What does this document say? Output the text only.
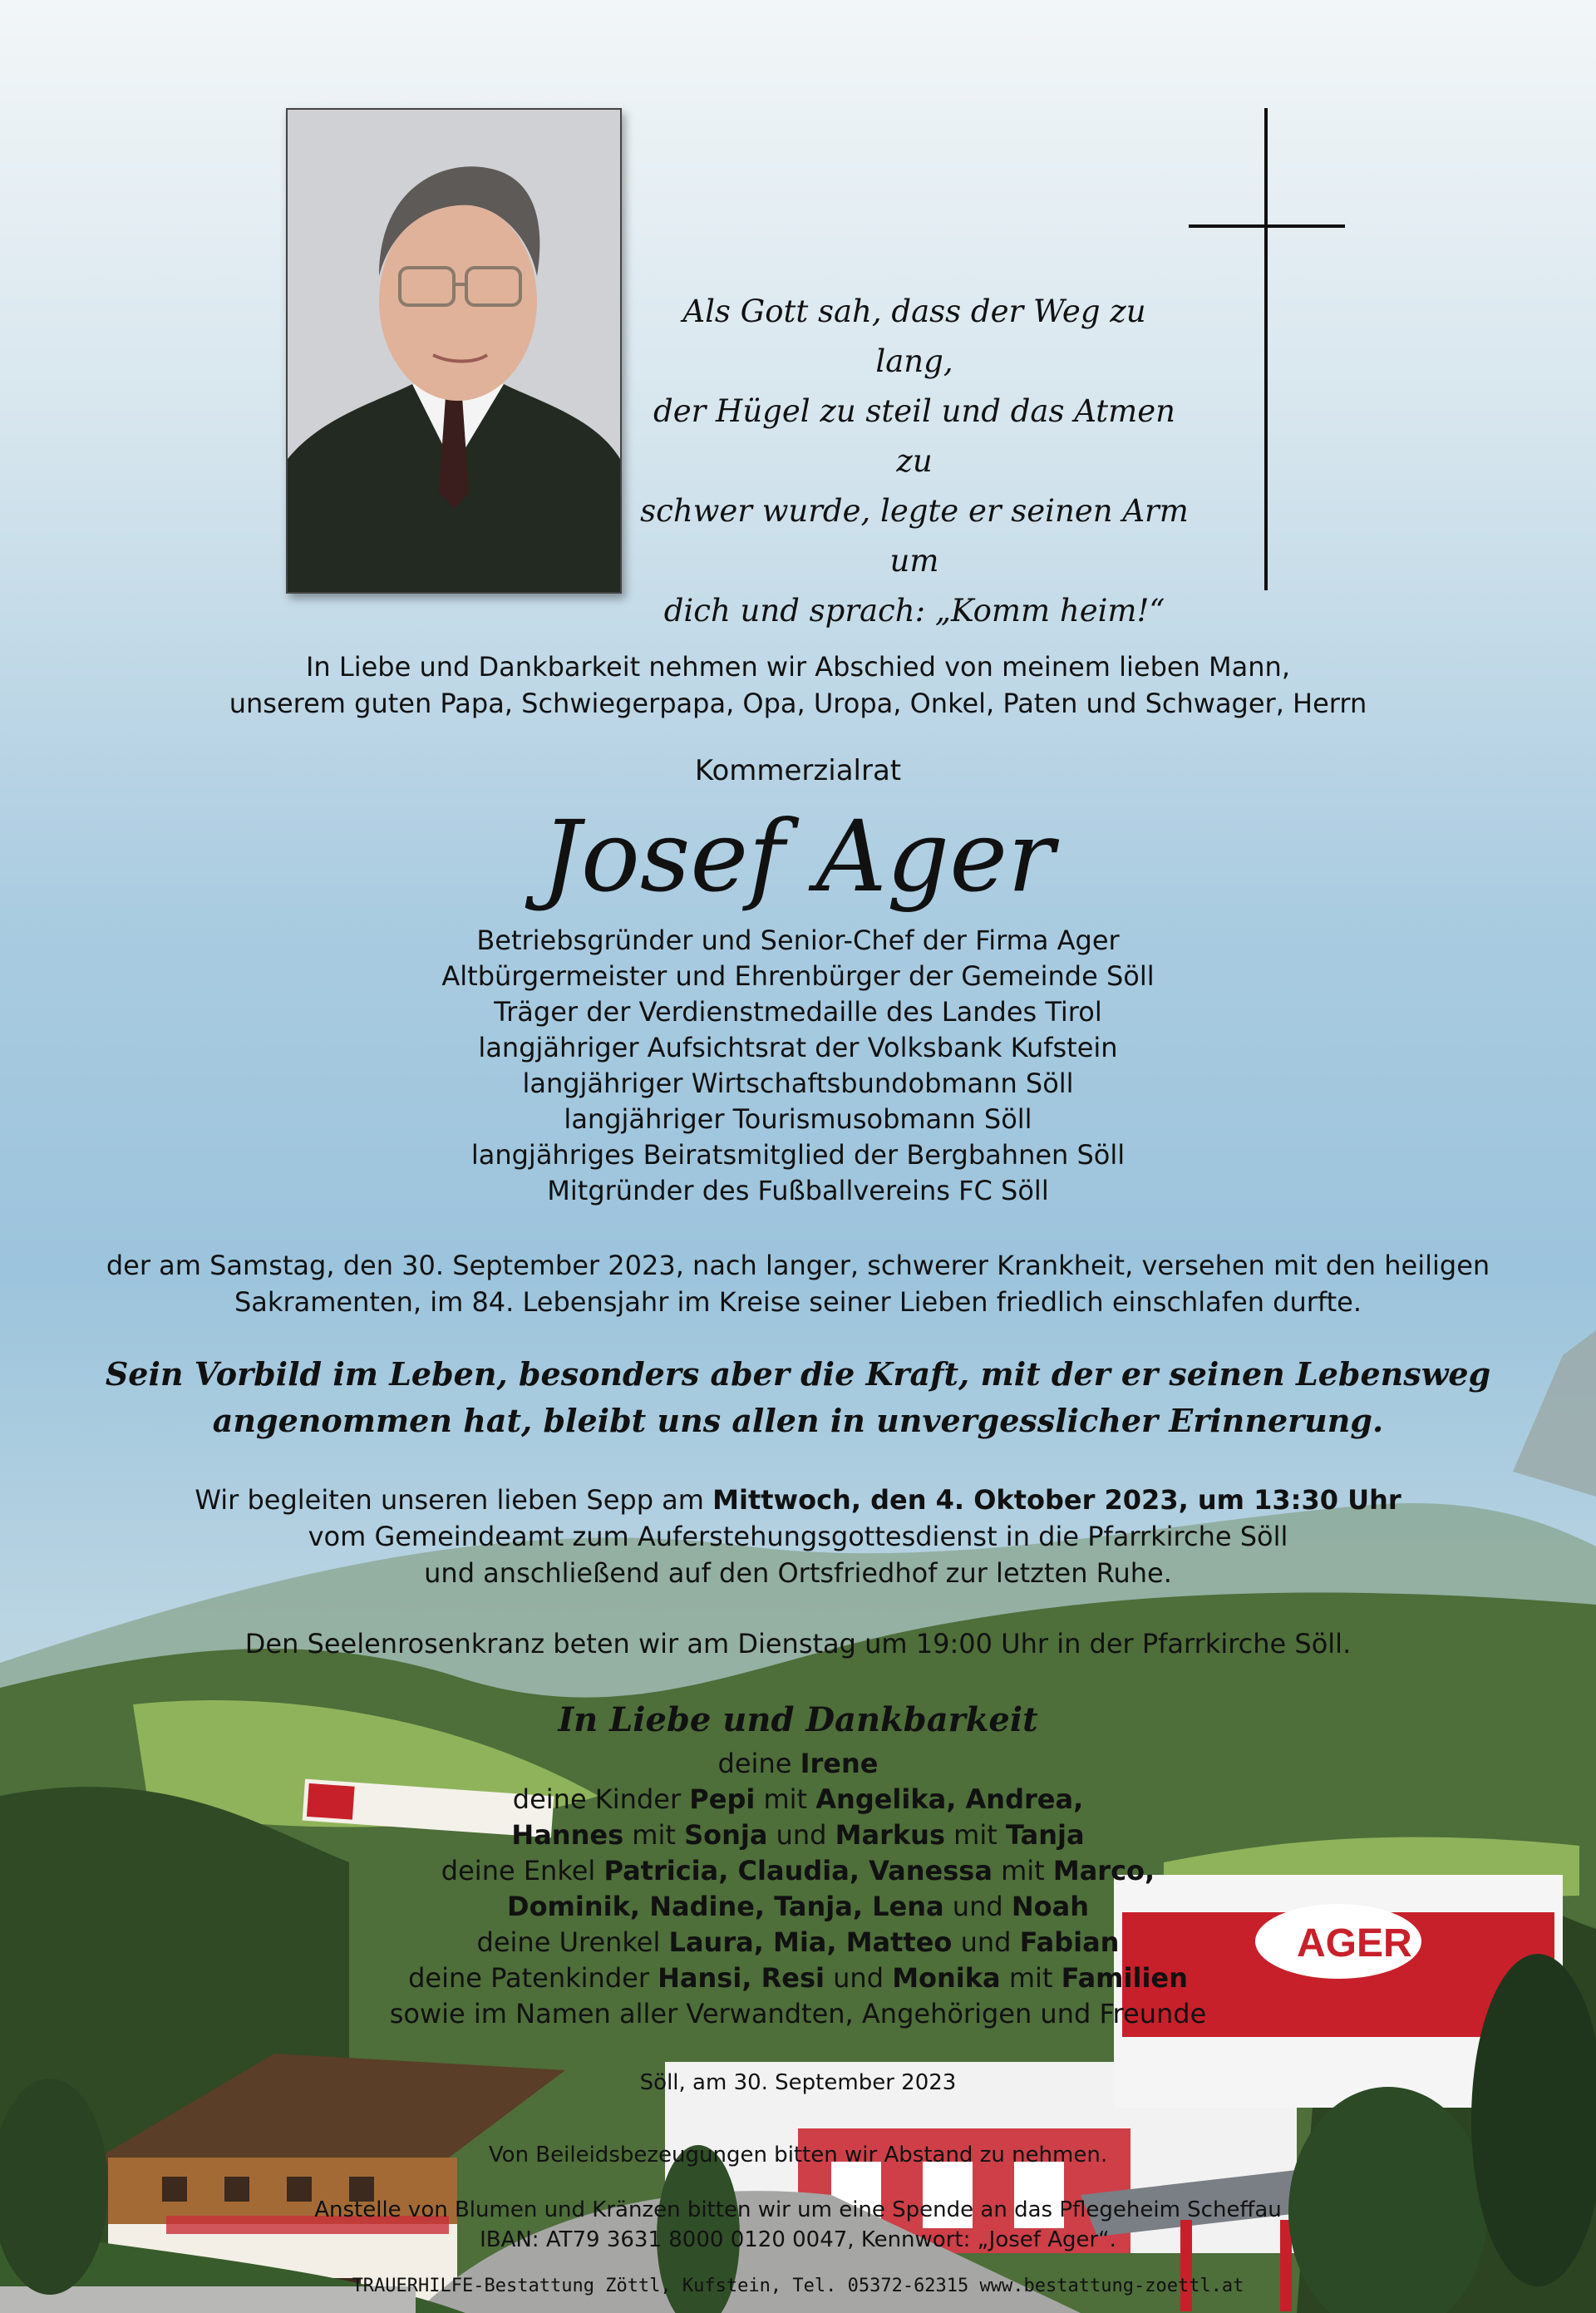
AGER
Als Gott sah, dass der Weg zu lang,
der Hügel zu steil und das Atmen zu
schwer wurde, legte er seinen Arm um
dich und sprach: „Komm heim!“
In Liebe und Dankbarkeit nehmen wir Abschied von meinem lieben Mann,
unserem guten Papa, Schwiegerpapa, Opa, Uropa, Onkel, Paten und Schwager, Herrn
Kommerzialrat
Josef Ager
Betriebsgründer und Senior-Chef der Firma Ager
Altbürgermeister und Ehrenbürger der Gemeinde Söll
Träger der Verdienstmedaille des Landes Tirol
langjähriger Aufsichtsrat der Volksbank Kufstein
langjähriger Wirtschaftsbundobmann Söll
langjähriger Tourismusobmann Söll
langjähriges Beiratsmitglied der Bergbahnen Söll
Mitgründer des Fußballvereins FC Söll
der am Samstag, den 30. September 2023, nach langer, schwerer Krankheit, versehen mit den heiligen
Sakramenten, im 84. Lebensjahr im Kreise seiner Lieben friedlich einschlafen durfte.
Sein Vorbild im Leben, besonders aber die Kraft, mit der er seinen Lebensweg
angenommen hat, bleibt uns allen in unvergesslicher Erinnerung.
Wir begleiten unseren lieben Sepp am Mittwoch, den 4. Oktober 2023, um 13:30 Uhr
vom Gemeindeamt zum Auferstehungsgottesdienst in die Pfarrkirche Söll
und anschließend auf den Ortsfriedhof zur letzten Ruhe.
Den Seelenrosenkranz beten wir am Dienstag um 19:00 Uhr in der Pfarrkirche Söll.
In Liebe und Dankbarkeit
deine Irene
deine Kinder Pepi mit Angelika, Andrea,
Hannes mit Sonja und Markus mit Tanja
deine Enkel Patricia, Claudia, Vanessa mit Marco,
Dominik, Nadine, Tanja, Lena und Noah
deine Urenkel Laura, Mia, Matteo und Fabian
deine Patenkinder Hansi, Resi und Monika mit Familien
sowie im Namen aller Verwandten, Angehörigen und Freunde
Söll, am 30. September 2023
Von Beileidsbezeugungen bitten wir Abstand zu nehmen.
Anstelle von Blumen und Kränzen bitten wir um eine Spende an das Pflegeheim Scheffau
IBAN: AT79 3631 8000 0120 0047, Kennwort: „Josef Ager“.
TRAUERHILFE-Bestattung Zöttl, Kufstein, Tel. 05372-62315 www.bestattung-zoettl.at
